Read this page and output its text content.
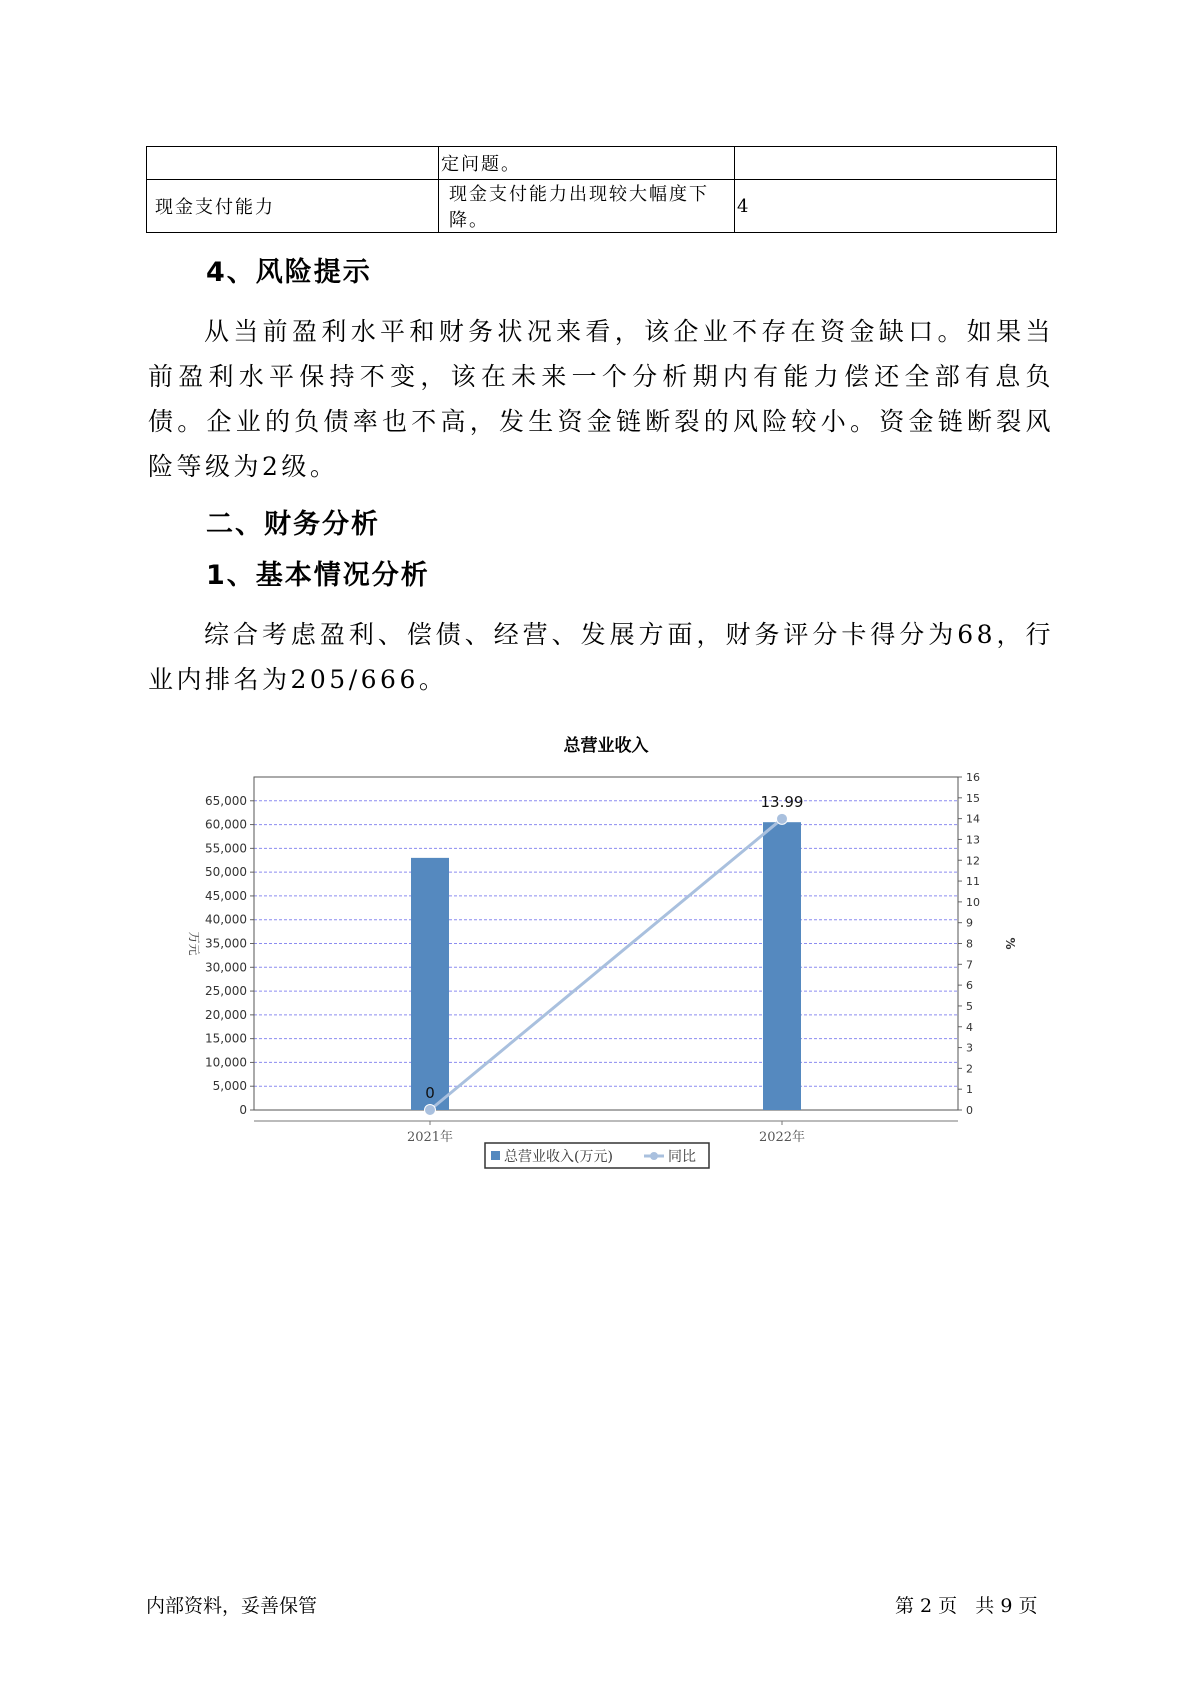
	定问题。	
现金支付能力	现金支付能力出现较大幅度下降。	4
4、风险提示

从当前盈利水平和财务状况来看，该企业不存在资金缺口。如果当前盈利水平保持不变，该在未来一个分析期内有能力偿还全部有息负债。企业的负债率也不高，发生资金链断裂的风险较小。资金链断裂风险等级为2级。

二、财务分析
1、基本情况分析

综合考虑盈利、偿债、经营、发展方面，财务评分卡得分为68，行业内排名为205/666。

总营业收入
0
5,000
10,000
15,000
20,000
25,000
30,000
35,000
40,000
45,000
50,000
55,000
60,000
65,000
0
1
2
3
4
5
6
7
8
9
10
11
12
13
14
15
16
万元	%
2021年	2022年
0
13.99
总营业收入(万元)	同比
内部资料，妥善保管	第 2 页   共 9 页
